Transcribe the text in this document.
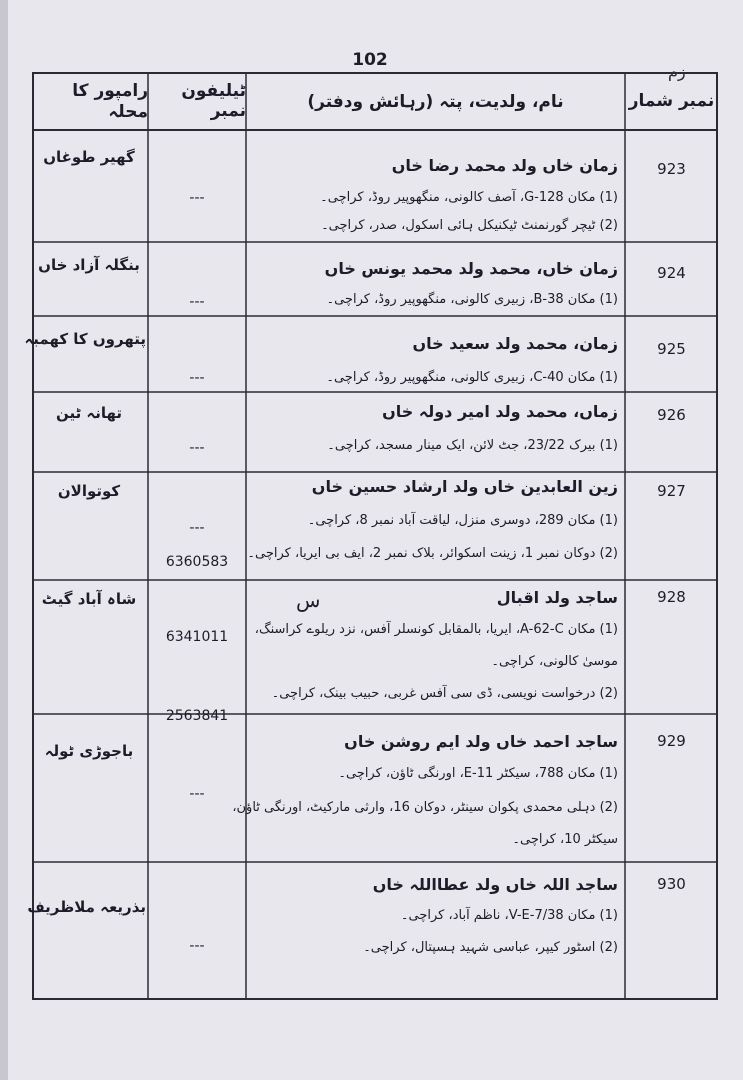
102
زم
نمبر شمار
نام، ولدیت، پتہ (رہائش ودفتر)
ٹیلیفون نمبر
رامپور کا محلہ
923
زمان خاں ولد محمد رضا خاں
(1) مکان G-128، آصف کالونی، منگھوپیر روڈ، کراچی۔
(2) ٹیچر گورنمنٹ ٹیکنیکل ہائی اسکول، صدر، کراچی۔
---
گھیر طوغاں
924
زمان خاں، محمد ولد محمد یونس خاں
(1) مکان B-38، زبیری کالونی، منگھوپیر روڈ، کراچی۔
---
بنگلہ آزاد خاں
925
زمان، محمد ولد سعید خاں
(1) مکان C-40، زبیری کالونی، منگھوپیر روڈ، کراچی۔
---
پتھروں کا کھمبہ
926
زماں، محمد ولد امیر دولہ خاں
(1) بیرک 23/22، جٹ لائن، ایک مینار مسجد، کراچی۔
---
تھانہ ٹین
927
زین العابدین خاں ولد ارشاد حسین خاں
(1) مکان 289، دوسری منزل، لیاقت آباد نمبر 8، کراچی۔
(2) دوکان نمبر 1، زینت اسکوائر، بلاک نمبر 2، ایف بی ایریا، کراچی۔
---
6360583
کوتوالان
928
ساجد ولد اقبال
س
(1) مکان A-62-C، ایریا، بالمقابل کونسلر آفس، نزد ریلوے کراسنگ،
موسیٰ کالونی، کراچی۔
(2) درخواست نویسی، ڈی سی آفس غربی، حبیب بینک، کراچی۔
6341011
2563841
شاہ آباد گیٹ
929
ساجد احمد خاں ولد ایم روشن خاں
(1) مکان 788، سیکٹر E-11، اورنگی ٹاؤن، کراچی۔
(2) دہلی محمدی پکوان سینٹر، دوکان 16، وارثی مارکیٹ، اورنگی ٹاؤن،
سیکٹر 10، کراچی۔
---
باجوڑی ٹولہ
930
ساجد اللہ خاں ولد عطااللہ خاں
(1) مکان V-E-7/38، ناظم آباد، کراچی۔
(2) اسٹور کیپر، عباسی شہید ہسپتال، کراچی۔
---
بذریعہ ملاظریف
